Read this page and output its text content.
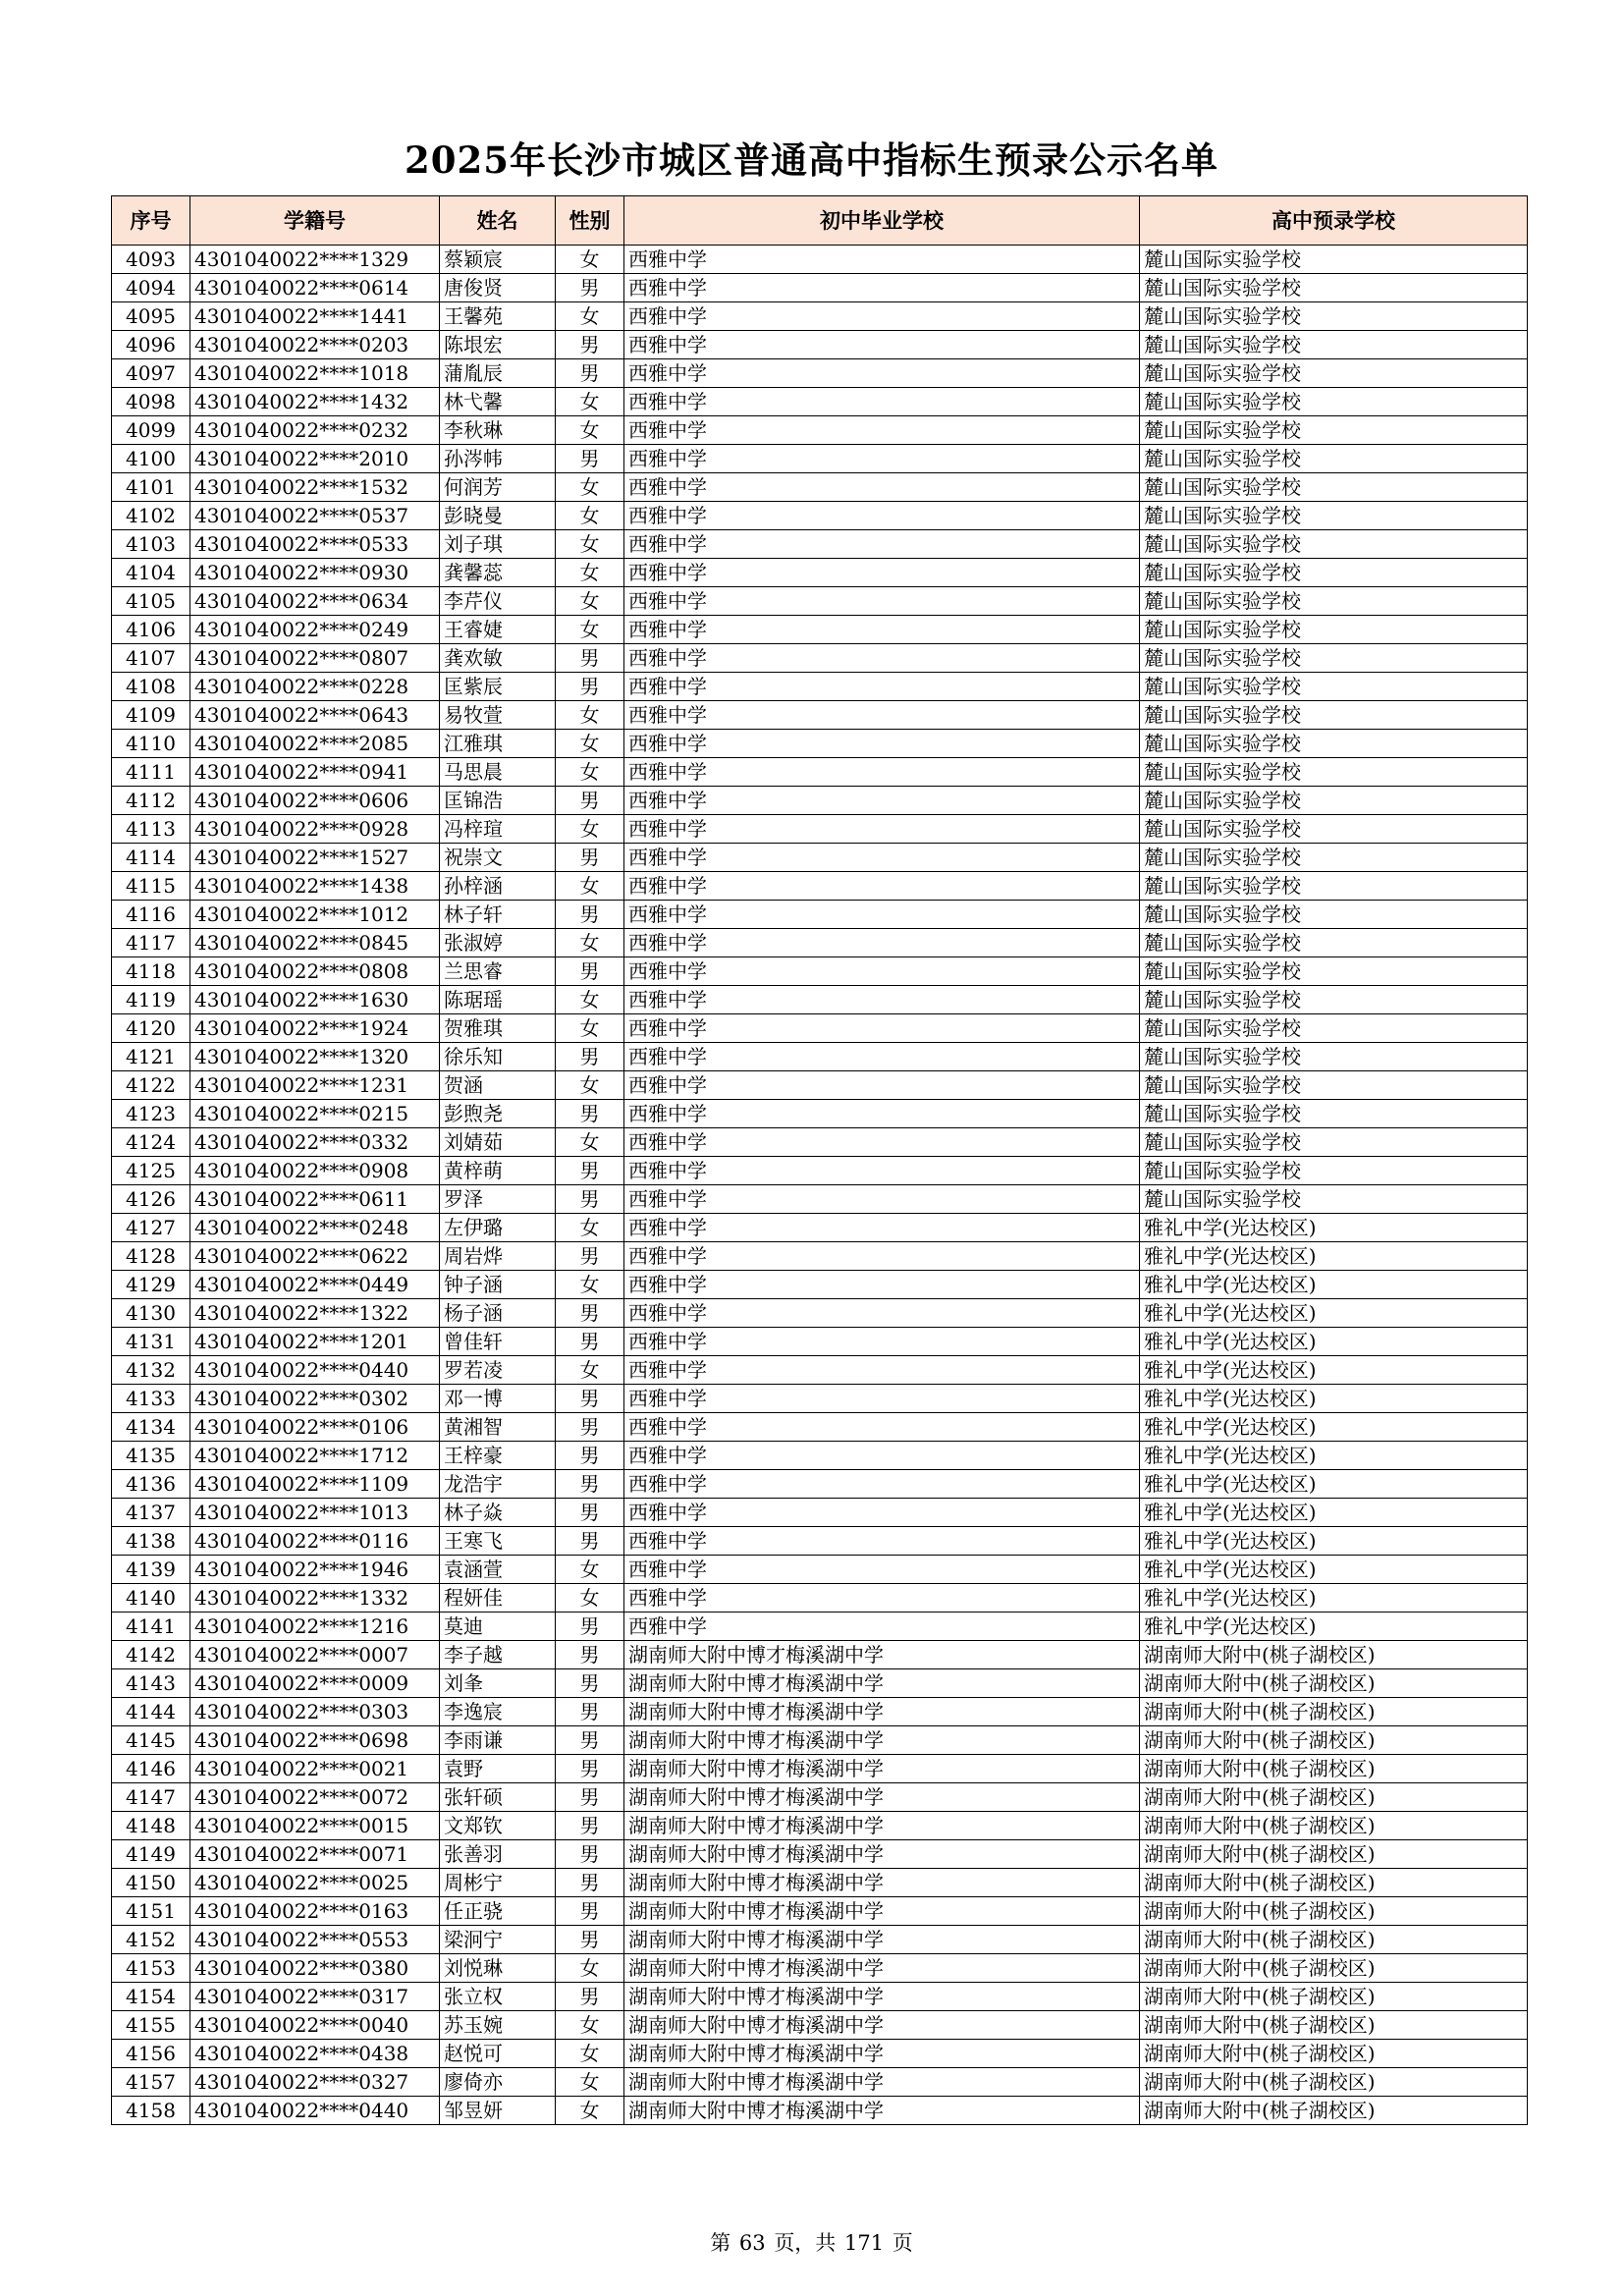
2025年长沙市城区普通高中指标生预录公示名单
序号	学籍号	姓名	性别	初中毕业学校	高中预录学校
4093	4301040022****1329	蔡颖宸	女	西雅中学	麓山国际实验学校
4094	4301040022****0614	唐俊贤	男	西雅中学	麓山国际实验学校
4095	4301040022****1441	王馨苑	女	西雅中学	麓山国际实验学校
4096	4301040022****0203	陈垠宏	男	西雅中学	麓山国际实验学校
4097	4301040022****1018	蒲胤辰	男	西雅中学	麓山国际实验学校
4098	4301040022****1432	林弋馨	女	西雅中学	麓山国际实验学校
4099	4301040022****0232	李秋琳	女	西雅中学	麓山国际实验学校
4100	4301040022****2010	孙涔帏	男	西雅中学	麓山国际实验学校
4101	4301040022****1532	何润芳	女	西雅中学	麓山国际实验学校
4102	4301040022****0537	彭晓曼	女	西雅中学	麓山国际实验学校
4103	4301040022****0533	刘子琪	女	西雅中学	麓山国际实验学校
4104	4301040022****0930	龚馨蕊	女	西雅中学	麓山国际实验学校
4105	4301040022****0634	李芹仪	女	西雅中学	麓山国际实验学校
4106	4301040022****0249	王睿婕	女	西雅中学	麓山国际实验学校
4107	4301040022****0807	龚欢敏	男	西雅中学	麓山国际实验学校
4108	4301040022****0228	匡紫辰	男	西雅中学	麓山国际实验学校
4109	4301040022****0643	易牧萱	女	西雅中学	麓山国际实验学校
4110	4301040022****2085	江雅琪	女	西雅中学	麓山国际实验学校
4111	4301040022****0941	马思晨	女	西雅中学	麓山国际实验学校
4112	4301040022****0606	匡锦浩	男	西雅中学	麓山国际实验学校
4113	4301040022****0928	冯梓瑄	女	西雅中学	麓山国际实验学校
4114	4301040022****1527	祝崇文	男	西雅中学	麓山国际实验学校
4115	4301040022****1438	孙梓涵	女	西雅中学	麓山国际实验学校
4116	4301040022****1012	林子轩	男	西雅中学	麓山国际实验学校
4117	4301040022****0845	张淑婷	女	西雅中学	麓山国际实验学校
4118	4301040022****0808	兰思睿	男	西雅中学	麓山国际实验学校
4119	4301040022****1630	陈琚瑶	女	西雅中学	麓山国际实验学校
4120	4301040022****1924	贺雅琪	女	西雅中学	麓山国际实验学校
4121	4301040022****1320	徐乐知	男	西雅中学	麓山国际实验学校
4122	4301040022****1231	贺涵	女	西雅中学	麓山国际实验学校
4123	4301040022****0215	彭煦尧	男	西雅中学	麓山国际实验学校
4124	4301040022****0332	刘婧茹	女	西雅中学	麓山国际实验学校
4125	4301040022****0908	黄梓萌	男	西雅中学	麓山国际实验学校
4126	4301040022****0611	罗泽	男	西雅中学	麓山国际实验学校
4127	4301040022****0248	左伊璐	女	西雅中学	雅礼中学(光达校区)
4128	4301040022****0622	周岩烨	男	西雅中学	雅礼中学(光达校区)
4129	4301040022****0449	钟子涵	女	西雅中学	雅礼中学(光达校区)
4130	4301040022****1322	杨子涵	男	西雅中学	雅礼中学(光达校区)
4131	4301040022****1201	曾佳轩	男	西雅中学	雅礼中学(光达校区)
4132	4301040022****0440	罗若凌	女	西雅中学	雅礼中学(光达校区)
4133	4301040022****0302	邓一博	男	西雅中学	雅礼中学(光达校区)
4134	4301040022****0106	黄湘智	男	西雅中学	雅礼中学(光达校区)
4135	4301040022****1712	王梓豪	男	西雅中学	雅礼中学(光达校区)
4136	4301040022****1109	龙浩宇	男	西雅中学	雅礼中学(光达校区)
4137	4301040022****1013	林子焱	男	西雅中学	雅礼中学(光达校区)
4138	4301040022****0116	王寒飞	男	西雅中学	雅礼中学(光达校区)
4139	4301040022****1946	袁涵萱	女	西雅中学	雅礼中学(光达校区)
4140	4301040022****1332	程妍佳	女	西雅中学	雅礼中学(光达校区)
4141	4301040022****1216	莫迪	男	西雅中学	雅礼中学(光达校区)
4142	4301040022****0007	李子越	男	湖南师大附中博才梅溪湖中学	湖南师大附中(桃子湖校区)
4143	4301040022****0009	刘夆	男	湖南师大附中博才梅溪湖中学	湖南师大附中(桃子湖校区)
4144	4301040022****0303	李逸宸	男	湖南师大附中博才梅溪湖中学	湖南师大附中(桃子湖校区)
4145	4301040022****0698	李雨谦	男	湖南师大附中博才梅溪湖中学	湖南师大附中(桃子湖校区)
4146	4301040022****0021	袁野	男	湖南师大附中博才梅溪湖中学	湖南师大附中(桃子湖校区)
4147	4301040022****0072	张轩硕	男	湖南师大附中博才梅溪湖中学	湖南师大附中(桃子湖校区)
4148	4301040022****0015	文郑钦	男	湖南师大附中博才梅溪湖中学	湖南师大附中(桃子湖校区)
4149	4301040022****0071	张善羽	男	湖南师大附中博才梅溪湖中学	湖南师大附中(桃子湖校区)
4150	4301040022****0025	周彬宁	男	湖南师大附中博才梅溪湖中学	湖南师大附中(桃子湖校区)
4151	4301040022****0163	任正骁	男	湖南师大附中博才梅溪湖中学	湖南师大附中(桃子湖校区)
4152	4301040022****0553	梁泂宁	男	湖南师大附中博才梅溪湖中学	湖南师大附中(桃子湖校区)
4153	4301040022****0380	刘悦琳	女	湖南师大附中博才梅溪湖中学	湖南师大附中(桃子湖校区)
4154	4301040022****0317	张立权	男	湖南师大附中博才梅溪湖中学	湖南师大附中(桃子湖校区)
4155	4301040022****0040	苏玉婉	女	湖南师大附中博才梅溪湖中学	湖南师大附中(桃子湖校区)
4156	4301040022****0438	赵悦可	女	湖南师大附中博才梅溪湖中学	湖南师大附中(桃子湖校区)
4157	4301040022****0327	廖倚亦	女	湖南师大附中博才梅溪湖中学	湖南师大附中(桃子湖校区)
4158	4301040022****0440	邹昱妍	女	湖南师大附中博才梅溪湖中学	湖南师大附中(桃子湖校区)
第 63 页，共 171 页
